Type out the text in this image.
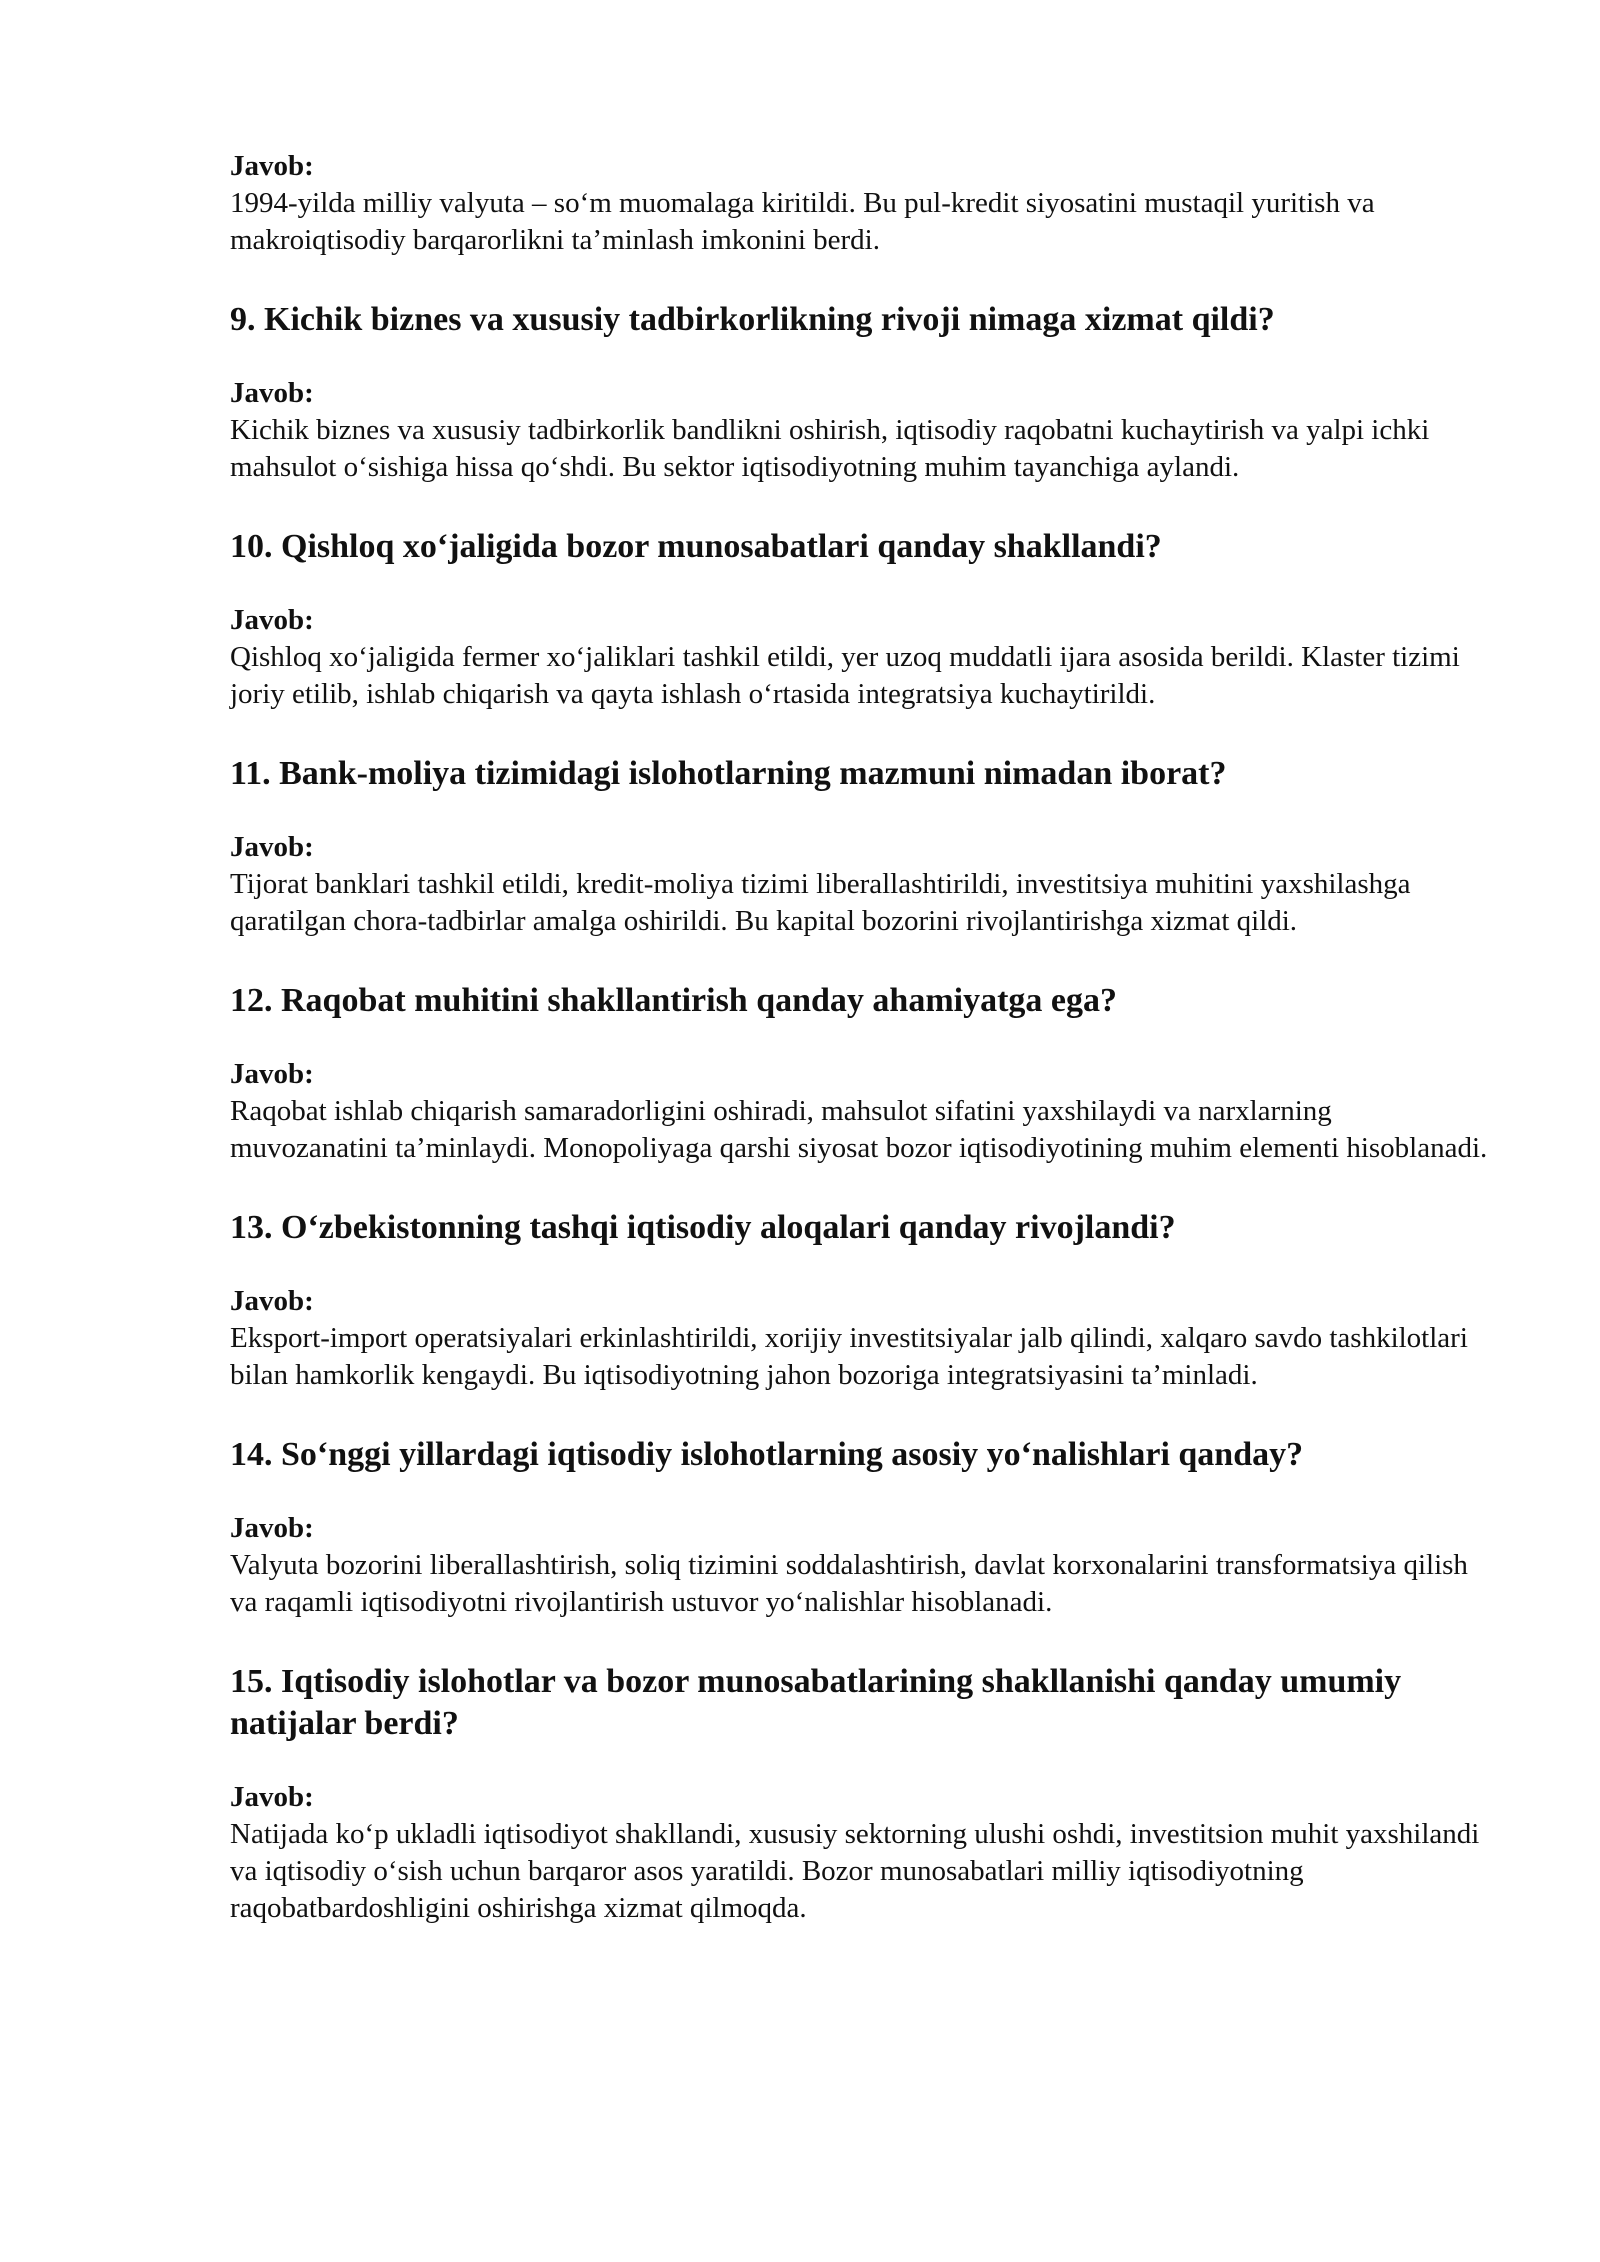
Javob:

1994-yilda milliy valyuta – so‘m muomalaga kiritildi. Bu pul-kredit siyosatini mustaqil yuritish va makroiqtisodiy barqarorlikni ta’minlash imkonini berdi.

9. Kichik biznes va xususiy tadbirkorlikning rivoji nimaga xizmat qildi?

Javob:

Kichik biznes va xususiy tadbirkorlik bandlikni oshirish, iqtisodiy raqobatni kuchaytirish va yalpi ichki mahsulot o‘sishiga hissa qo‘shdi. Bu sektor iqtisodiyotning muhim tayanchiga aylandi.

10. Qishloq xo‘jaligida bozor munosabatlari qanday shakllandi?

Javob:

Qishloq xo‘jaligida fermer xo‘jaliklari tashkil etildi, yer uzoq muddatli ijara asosida berildi. Klaster tizimi joriy etilib, ishlab chiqarish va qayta ishlash o‘rtasida integratsiya kuchaytirildi.

11. Bank-moliya tizimidagi islohotlarning mazmuni nimadan iborat?

Javob:

Tijorat banklari tashkil etildi, kredit-moliya tizimi liberallashtirildi, investitsiya muhitini yaxshilashga qaratilgan chora-tadbirlar amalga oshirildi. Bu kapital bozorini rivojlantirishga xizmat qildi.

12. Raqobat muhitini shakllantirish qanday ahamiyatga ega?

Javob:

Raqobat ishlab chiqarish samaradorligini oshiradi, mahsulot sifatini yaxshilaydi va narxlarning muvozanatini ta’minlaydi. Monopoliyaga qarshi siyosat bozor iqtisodiyotining muhim elementi hisoblanadi.

13. O‘zbekistonning tashqi iqtisodiy aloqalari qanday rivojlandi?

Javob:

Eksport-import operatsiyalari erkinlashtirildi, xorijiy investitsiyalar jalb qilindi, xalqaro savdo tashkilotlari bilan hamkorlik kengaydi. Bu iqtisodiyotning jahon bozoriga integratsiyasini ta’minladi.

14. So‘nggi yillardagi iqtisodiy islohotlarning asosiy yo‘nalishlari qanday?

Javob:

Valyuta bozorini liberallashtirish, soliq tizimini soddalashtirish, davlat korxonalarini transformatsiya qilish va raqamli iqtisodiyotni rivojlantirish ustuvor yo‘nalishlar hisoblanadi.

15. Iqtisodiy islohotlar va bozor munosabatlarining shakllanishi qanday umumiy natijalar berdi?

Javob:

Natijada ko‘p ukladli iqtisodiyot shakllandi, xususiy sektorning ulushi oshdi, investitsion muhit yaxshilandi va iqtisodiy o‘sish uchun barqaror asos yaratildi. Bozor munosabatlari milliy iqtisodiyotning raqobatbardoshligini oshirishga xizmat qilmoqda.
